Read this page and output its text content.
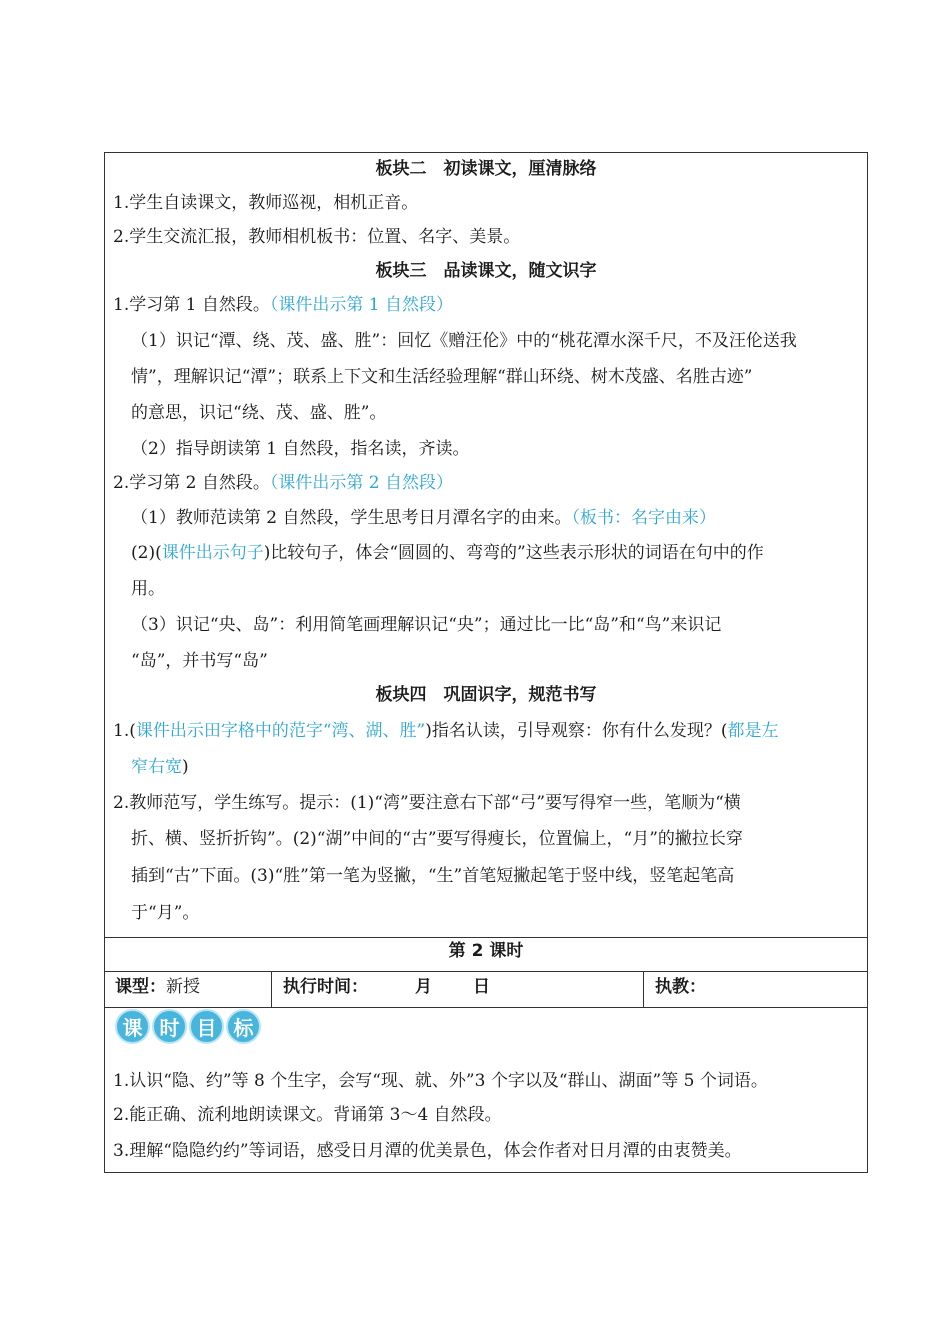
板块二　初读课文，厘清脉络
1.学生自读课文，教师巡视，相机正音。
2.学生交流汇报，教师相机板书：位置、名字、美景。
板块三　品读课文，随文识字
1.学习第 1 自然段。（课件出示第 1 自然段）
（1）识记“潭、绕、茂、盛、胜”：回忆《赠汪伦》中的“桃花潭水深千尺，不及汪伦送我
情”，理解识记“潭”；联系上下文和生活经验理解“群山环绕、树木茂盛、名胜古迹”
的意思，识记“绕、茂、盛、胜”。
（2）指导朗读第 1 自然段，指名读，齐读。
2.学习第 2 自然段。（课件出示第 2 自然段）
（1）教师范读第 2 自然段，学生思考日月潭名字的由来。（板书：名字由来）
(2)(课件出示句子)比较句子，体会“圆圆的、弯弯的”这些表示形状的词语在句中的作
用。
（3）识记“央、岛”：利用简笔画理解识记“央”；通过比一比“岛”和“鸟”来识记
“岛”，并书写“岛”
板块四　巩固识字，规范书写
1.(课件出示田字格中的范字“湾、湖、胜”)指名认读，引导观察：你有什么发现？(都是左
窄右宽)
2.教师范写，学生练写。提示：(1)“湾”要注意右下部“弓”要写得窄一些，笔顺为“横
折、横、竖折折钩”。(2)“湖”中间的“古”要写得瘦长，位置偏上，“月”的撇拉长穿
插到“古”下面。(3)“胜”第一笔为竖撇，“生”首笔短撇起笔于竖中线，竖笔起笔高
于“月”。
第 2 课时
课型：新授	执行时间：	月 日	执教：
课 时 目 标
1.认识“隐、约”等 8 个生字，会写“现、就、外”3 个字以及“群山、湖面”等 5 个词语。
2.能正确、流利地朗读课文。背诵第 3～4 自然段。
3.理解“隐隐约约”等词语，感受日月潭的优美景色，体会作者对日月潭的由衷赞美。
